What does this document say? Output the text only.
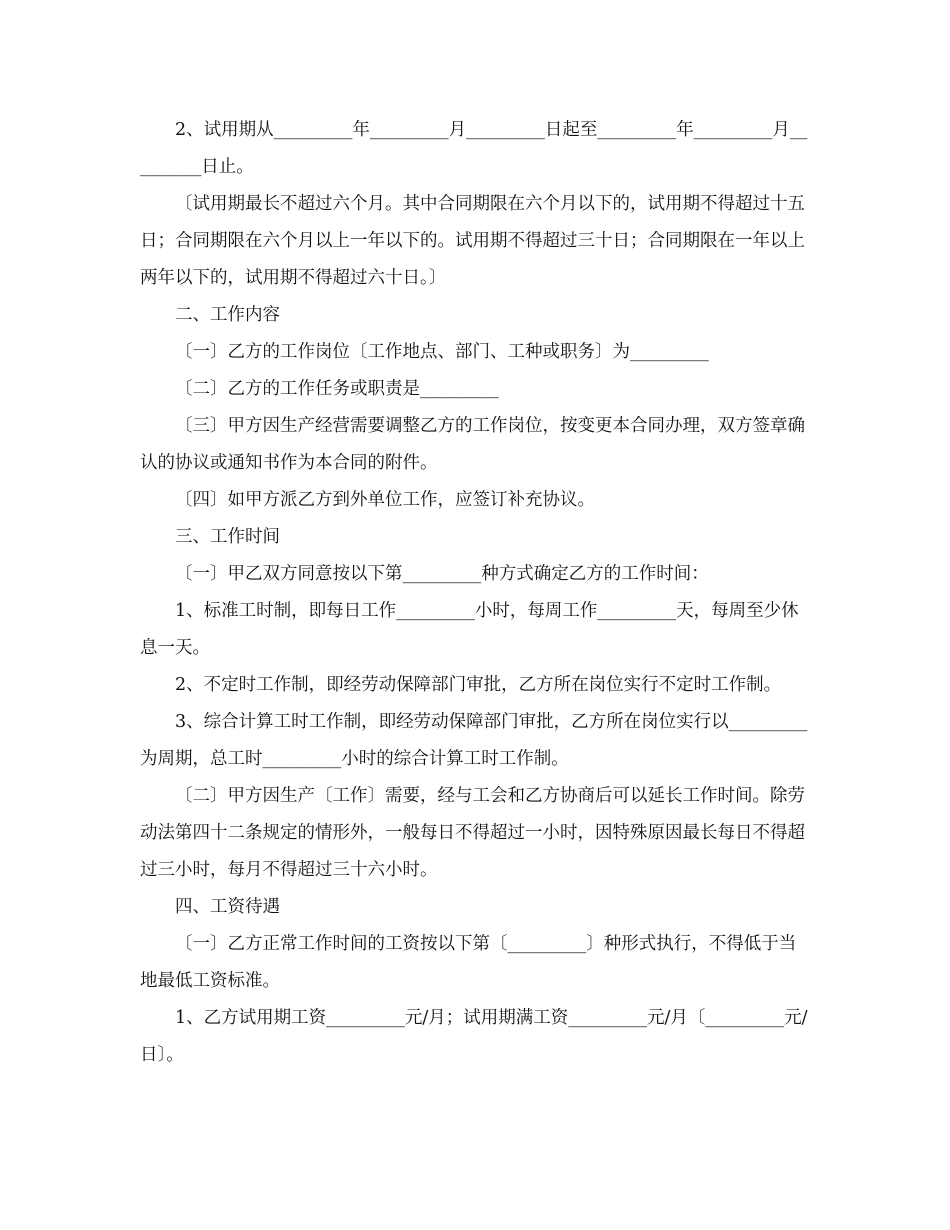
2、试用期从_________年_________月_________日起至_________年_________月_________日止。

〔试用期最长不超过六个月。其中合同期限在六个月以下的，试用期不得超过十五日；合同期限在六个月以上一年以下的。试用期不得超过三十日；合同期限在一年以上两年以下的，试用期不得超过六十日。〕

二、工作内容

〔一〕乙方的工作岗位〔工作地点、部门、工种或职务〕为_________

〔二〕乙方的工作任务或职责是_________

〔三〕甲方因生产经营需要调整乙方的工作岗位，按变更本合同办理，双方签章确认的协议或通知书作为本合同的附件。

〔四〕如甲方派乙方到外单位工作，应签订补充协议。

三、工作时间

〔一〕甲乙双方同意按以下第_________种方式确定乙方的工作时间：

1、标准工时制，即每日工作_________小时，每周工作_________天，每周至少休息一天。

2、不定时工作制，即经劳动保障部门审批，乙方所在岗位实行不定时工作制。

3、综合计算工时工作制，即经劳动保障部门审批，乙方所在岗位实行以_________为周期，总工时_________小时的综合计算工时工作制。

〔二〕甲方因生产〔工作〕需要，经与工会和乙方协商后可以延长工作时间。除劳动法第四十二条规定的情形外，一般每日不得超过一小时，因特殊原因最长每日不得超过三小时，每月不得超过三十六小时。

四、工资待遇

〔一〕乙方正常工作时间的工资按以下第〔_________〕种形式执行，不得低于当地最低工资标准。

1、乙方试用期工资_________元/月；试用期满工资_________元/月〔_________元/日〕。
